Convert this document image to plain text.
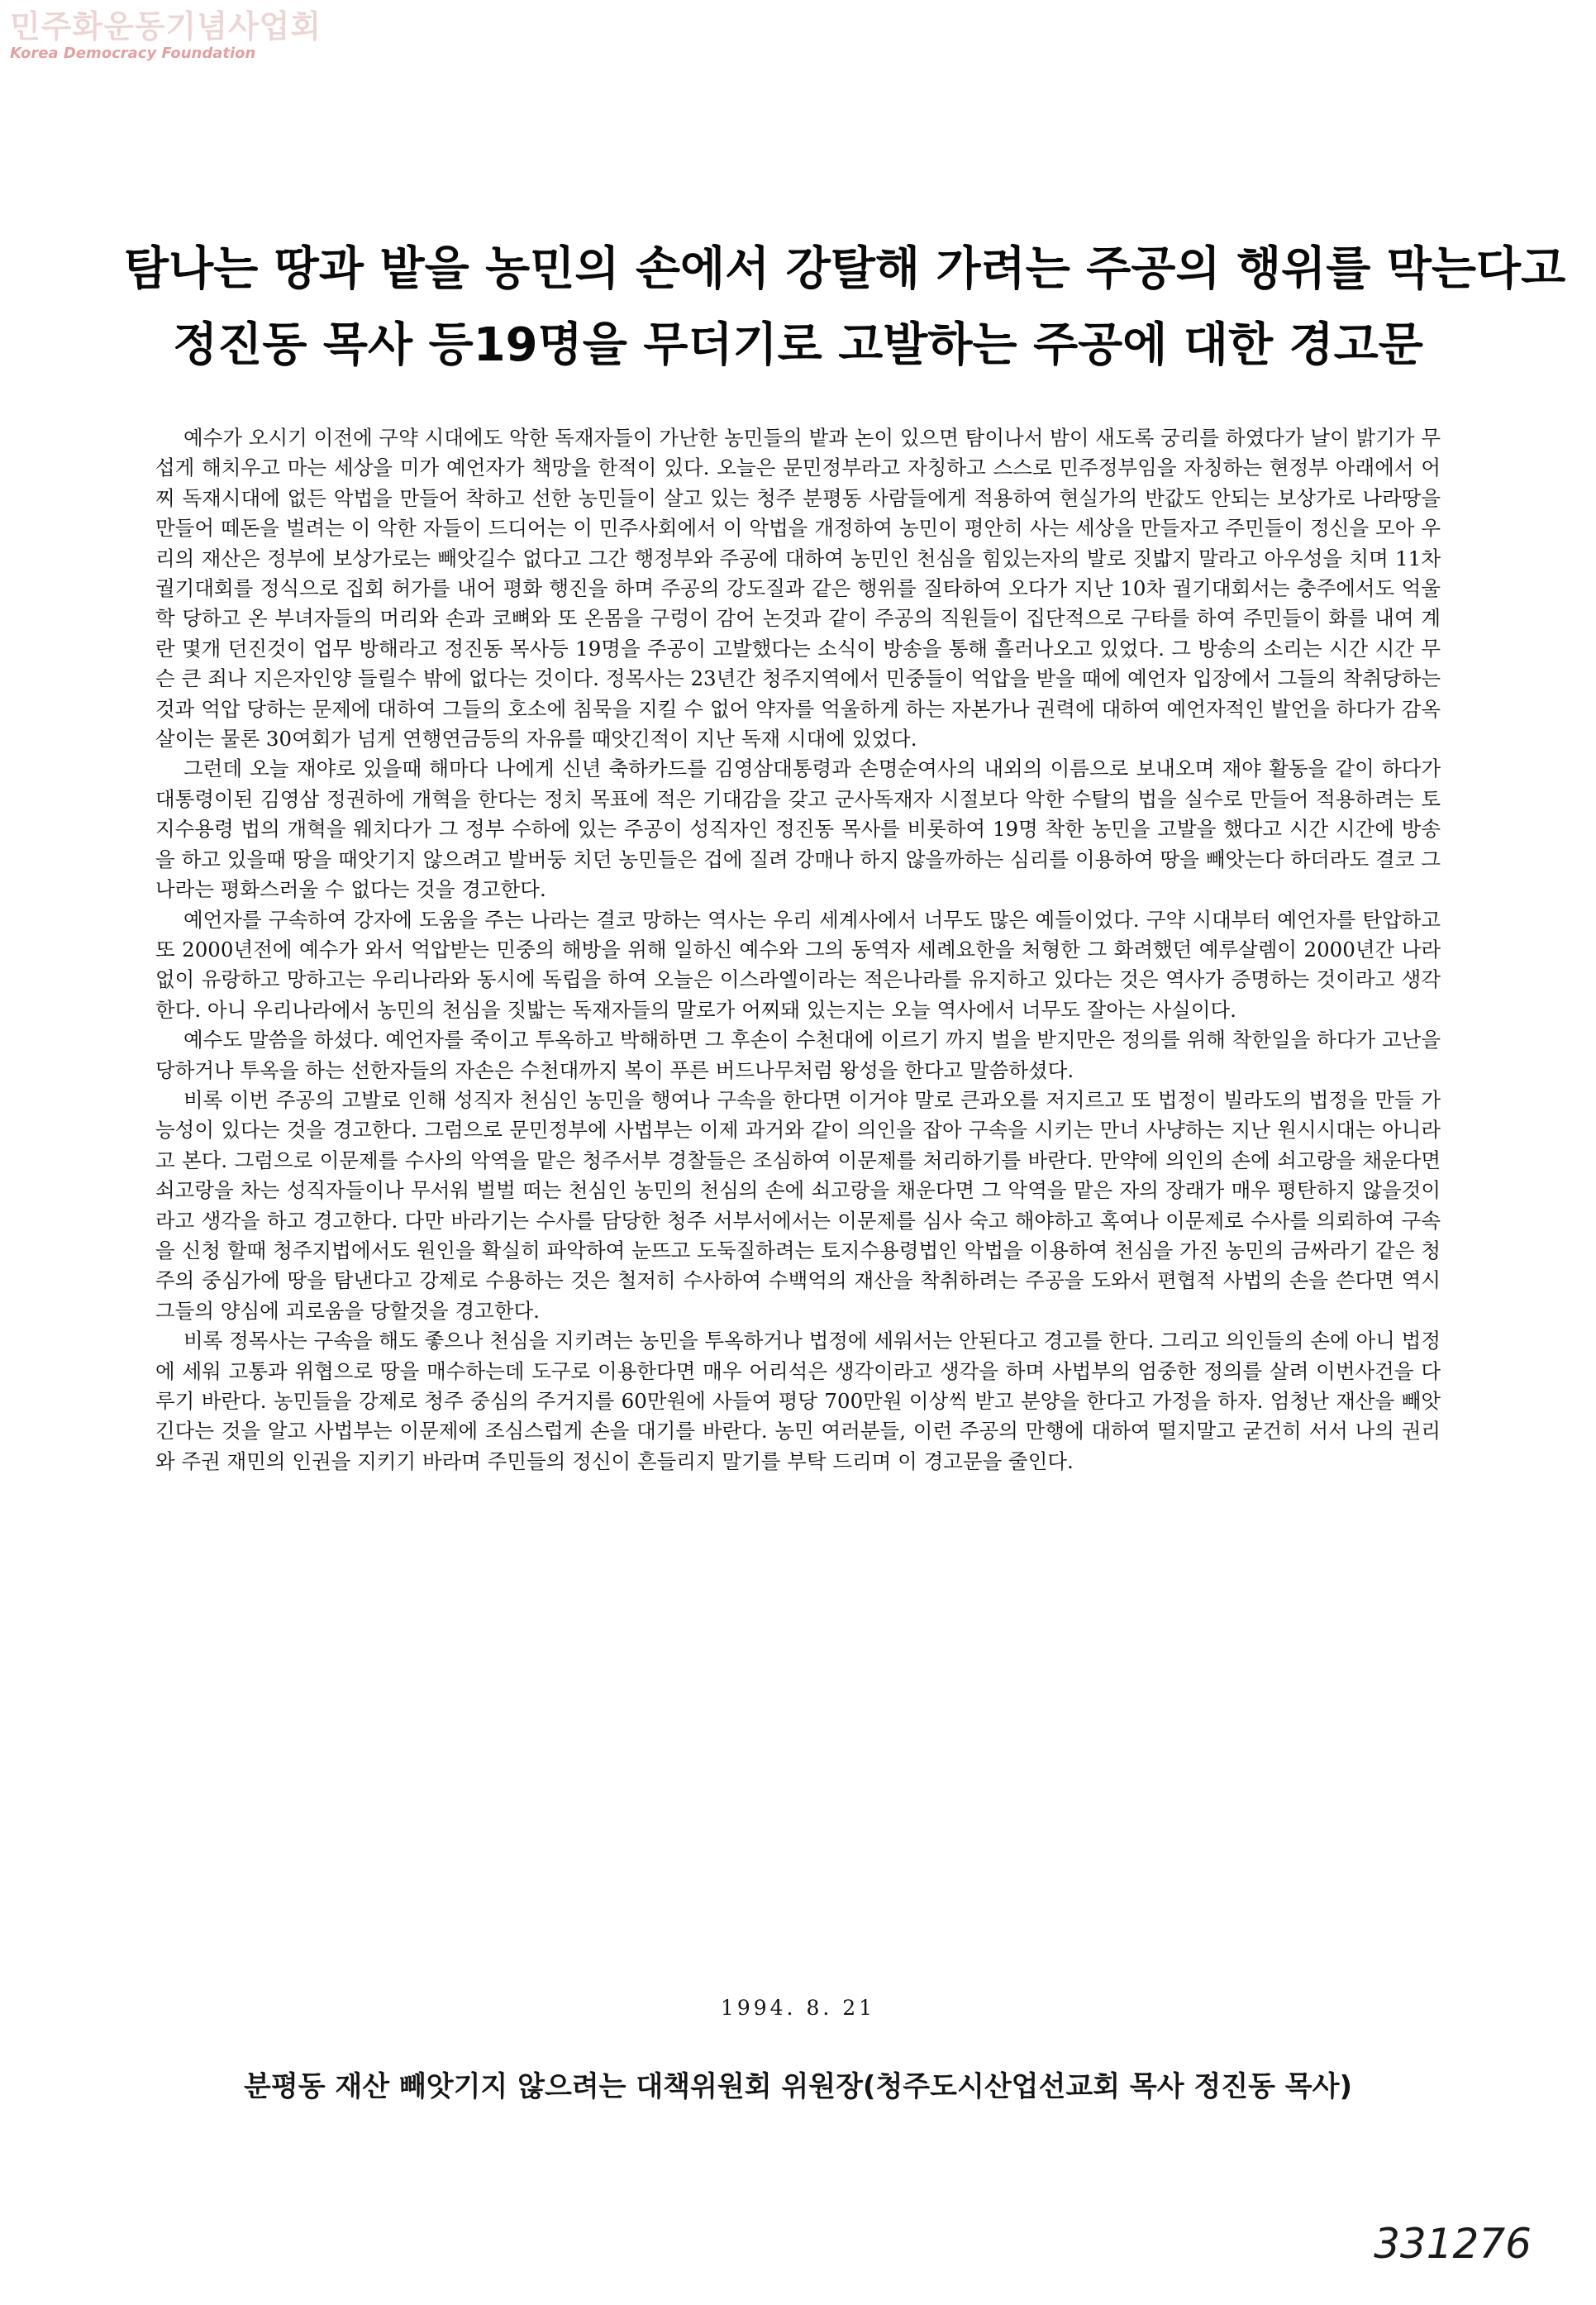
민주화운동기념사업회
Korea Democracy Foundation
탐나는 땅과 밭을 농민의 손에서 강탈해 가려는 주공의 행위를 막는다고
정진동 목사 등19명을 무더기로 고발하는 주공에 대한 경고문

예수가 오시기 이전에 구약 시대에도 악한 독재자들이 가난한 농민들의 밭과 논이 있으면 탐이나서 밤이 새도록 궁리를 하였다가 날이 밝기가 무섭게 해치우고 마는 세상을 미가 예언자가 책망을 한적이 있다. 오늘은 문민정부라고 자칭하고 스스로 민주정부임을 자칭하는 현정부 아래에서 어찌 독재시대에 없든 악법을 만들어 착하고 선한 농민들이 살고 있는 청주 분평동 사람들에게 적용하여 현실가의 반값도 안되는 보상가로 나라땅을 만들어 떼돈을 벌려는 이 악한 자들이 드디어는 이 민주사회에서 이 악법을 개정하여 농민이 평안히 사는 세상을 만들자고 주민들이 정신을 모아 우리의 재산은 정부에 보상가로는 빼앗길수 없다고 그간 행정부와 주공에 대하여 농민인 천심을 힘있는자의 발로 짓밟지 말라고 아우성을 치며 11차 궐기대회를 정식으로 집회 허가를 내어 평화 행진을 하며 주공의 강도질과 같은 행위를 질타하여 오다가 지난 10차 궐기대회서는 충주에서도 억울학 당하고 온 부녀자들의 머리와 손과 코뼈와 또 온몸을 구렁이 감어 논것과 같이 주공의 직원들이 집단적으로 구타를 하여 주민들이 화를 내여 계란 몇개 던진것이 업무 방해라고 정진동 목사등 19명을 주공이 고발했다는 소식이 방송을 통해 흘러나오고 있었다. 그 방송의 소리는 시간 시간 무슨 큰 죄나 지은자인양 들릴수 밖에 없다는 것이다. 정목사는 23년간 청주지역에서 민중들이 억압을 받을 때에 예언자 입장에서 그들의 착취당하는 것과 억압 당하는 문제에 대하여 그들의 호소에 침묵을 지킬 수 없어 약자를 억울하게 하는 자본가나 권력에 대하여 예언자적인 발언을 하다가 감옥살이는 물론 30여회가 넘게 연행연금등의 자유를 때앗긴적이 지난 독재 시대에 있었다.

그런데 오늘 재야로 있을때 해마다 나에게 신년 축하카드를 김영삼대통령과 손명순여사의 내외의 이름으로 보내오며 재야 활동을 같이 하다가 대통령이된 김영삼 정권하에 개혁을 한다는 정치 목표에 적은 기대감을 갖고 군사독재자 시절보다 악한 수탈의 법을 실수로 만들어 적용하려는 토지수용령 법의 개혁을 웨치다가 그 정부 수하에 있는 주공이 성직자인 정진동 목사를 비롯하여 19명 착한 농민을 고발을 했다고 시간 시간에 방송을 하고 있을때 땅을 때앗기지 않으려고 발버둥 치던 농민들은 겁에 질려 강매나 하지 않을까하는 심리를 이용하여 땅을 빼앗는다 하더라도 결코 그나라는 평화스러울 수 없다는 것을 경고한다.

예언자를 구속하여 강자에 도움을 주는 나라는 결코 망하는 역사는 우리 세계사에서 너무도 많은 예들이었다. 구약 시대부터 예언자를 탄압하고 또 2000년전에 예수가 와서 억압받는 민중의 해방을 위해 일하신 예수와 그의 동역자 세례요한을 처형한 그 화려했던 예루살렘이 2000년간 나라없이 유랑하고 망하고는 우리나라와 동시에 독립을 하여 오늘은 이스라엘이라는 적은나라를 유지하고 있다는 것은 역사가 증명하는 것이라고 생각한다. 아니 우리나라에서 농민의 천심을 짓밟는 독재자들의 말로가 어찌돼 있는지는 오늘 역사에서 너무도 잘아는 사실이다.

예수도 말씀을 하셨다. 예언자를 죽이고 투옥하고 박해하면 그 후손이 수천대에 이르기 까지 벌을 받지만은 정의를 위해 착한일을 하다가 고난을 당하거나 투옥을 하는 선한자들의 자손은 수천대까지 복이 푸른 버드나무처럼 왕성을 한다고 말씀하셨다.

비록 이번 주공의 고발로 인해 성직자 천심인 농민을 행여나 구속을 한다면 이거야 말로 큰과오를 저지르고 또 법정이 빌라도의 법정을 만들 가능성이 있다는 것을 경고한다. 그럼으로 문민정부에 사법부는 이제 과거와 같이 의인을 잡아 구속을 시키는 만너 사냥하는 지난 원시시대는 아니라고 본다. 그럼으로 이문제를 수사의 악역을 맡은 청주서부 경찰들은 조심하여 이문제를 처리하기를 바란다. 만약에 의인의 손에 쇠고랑을 채운다면 쇠고랑을 차는 성직자들이나 무서워 벌벌 떠는 천심인 농민의 천심의 손에 쇠고랑을 채운다면 그 악역을 맡은 자의 장래가 매우 평탄하지 않을것이라고 생각을 하고 경고한다. 다만 바라기는 수사를 담당한 청주 서부서에서는 이문제를 심사 숙고 해야하고 혹여나 이문제로 수사를 의뢰하여 구속을 신청 할때 청주지법에서도 원인을 확실히 파악하여 눈뜨고 도둑질하려는 토지수용령법인 악법을 이용하여 천심을 가진 농민의 금싸라기 같은 청주의 중심가에 땅을 탐낸다고 강제로 수용하는 것은 철저히 수사하여 수백억의 재산을 착취하려는 주공을 도와서 편협적 사법의 손을 쓴다면 역시 그들의 양심에 괴로움을 당할것을 경고한다.

비록 정목사는 구속을 해도 좋으나 천심을 지키려는 농민을 투옥하거나 법정에 세워서는 안된다고 경고를 한다. 그리고 의인들의 손에 아니 법정에 세워 고통과 위협으로 땅을 매수하는데 도구로 이용한다면 매우 어리석은 생각이라고 생각을 하며 사법부의 엄중한 정의를 살려 이번사건을 다루기 바란다. 농민들을 강제로 청주 중심의 주거지를 60만원에 사들여 평당 700만원 이상씩 받고 분양을 한다고 가정을 하자. 엄청난 재산을 빼앗긴다는 것을 알고 사법부는 이문제에 조심스럽게 손을 대기를 바란다. 농민 여러분들, 이런 주공의 만행에 대하여 떨지말고 굳건히 서서 나의 권리와 주권 재민의 인권을 지키기 바라며 주민들의 정신이 흔들리지 말기를 부탁 드리며 이 경고문을 줄인다.

1994. 8. 21
분평동 재산 빼앗기지 않으려는 대책위원회 위원장(청주도시산업선교회 목사 정진동 목사)
331276
